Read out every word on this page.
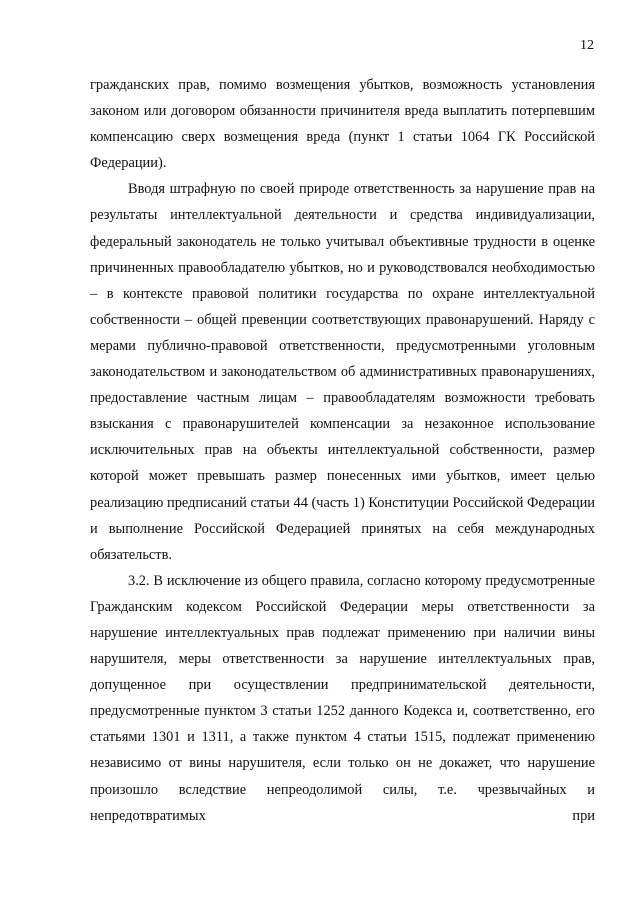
12

гражданских прав, помимо возмещения убытков, возможность установления законом или договором обязанности причинителя вреда выплатить потерпевшим компенсацию сверх возмещения вреда (пункт 1 статьи 1064 ГК Российской Федерации).

Вводя штрафную по своей природе ответственность за нарушение прав на результаты интеллектуальной деятельности и средства индивидуализации, федеральный законодатель не только учитывал объективные трудности в оценке причиненных правообладателю убытков, но и руководствовался необходимостью – в контексте правовой политики государства по охране интеллектуальной собственности – общей превенции соответствующих правонарушений. Наряду с мерами публично-правовой ответственности, предусмотренными уголовным законодательством и законодательством об административных правонарушениях, предоставление частным лицам – правообладателям возможности требовать взыскания с правонарушителей компенсации за незаконное использование исключительных прав на объекты интеллектуальной собственности, размер которой может превышать размер понесенных ими убытков, имеет целью реализацию предписаний статьи 44 (часть 1) Конституции Российской Федерации и выполнение Российской Федерацией принятых на себя международных обязательств.

3.2. В исключение из общего правила, согласно которому предусмотренные Гражданским кодексом Российской Федерации меры ответственности за нарушение интеллектуальных прав подлежат применению при наличии вины нарушителя, меры ответственности за нарушение интеллектуальных прав, допущенное при осуществлении предпринимательской деятельности, предусмотренные пунктом 3 статьи 1252 данного Кодекса и, соответственно, его статьями 1301 и 1311, а также пунктом 4 статьи 1515, подлежат применению независимо от вины нарушителя, если только он не докажет, что нарушение произошло вследствие непреодолимой силы, т.е. чрезвычайных и непредотвратимых при
